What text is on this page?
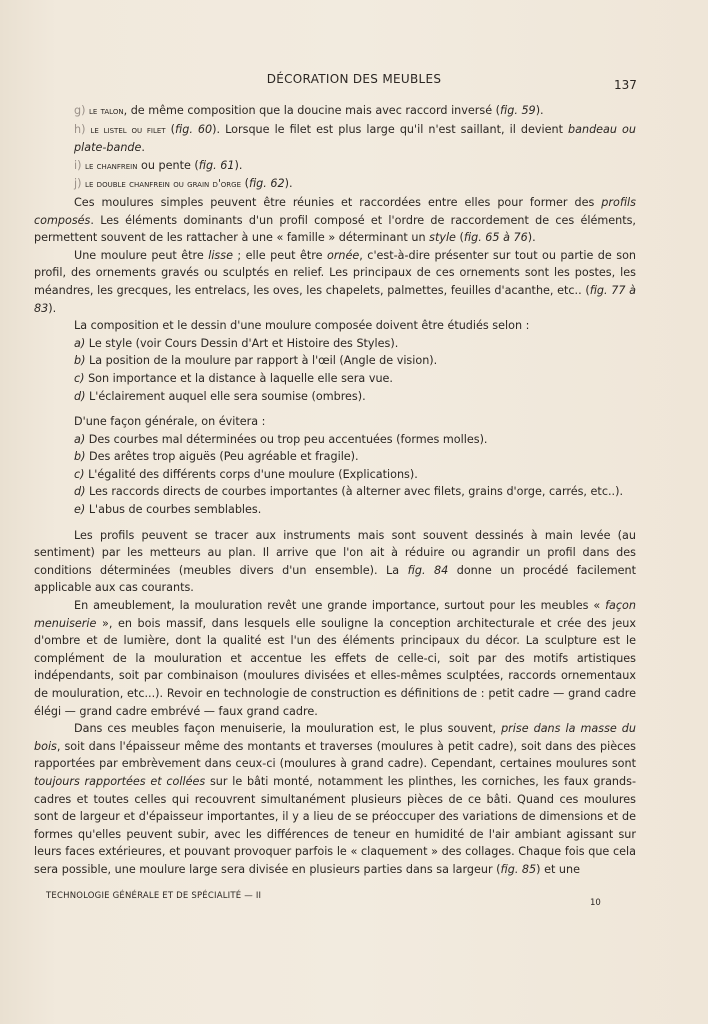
DÉCORATION DES MEUBLES	137

g) le talon, de même composition que la doucine mais avec raccord inversé (fig. 59).

h) le listel ou filet (fig. 60). Lorsque le filet est plus large qu'il n'est saillant, il devient bandeau ou plate-bande.

i) le chanfrein ou pente (fig. 61).

j) le double chanfrein ou grain d'orge (fig. 62).

Ces moulures simples peuvent être réunies et raccordées entre elles pour former des profils composés. Les éléments dominants d'un profil composé et l'ordre de raccordement de ces éléments, permettent souvent de les rattacher à une « famille » déterminant un style (fig. 65 à 76).

Une moulure peut être lisse ; elle peut être ornée, c'est-à-dire présenter sur tout ou partie de son profil, des ornements gravés ou sculptés en relief. Les principaux de ces ornements sont les postes, les méandres, les grecques, les entrelacs, les oves, les chapelets, palmettes, feuilles d'acanthe, etc.. (fig. 77 à 83).

La composition et le dessin d'une moulure composée doivent être étudiés selon :

a) Le style (voir Cours Dessin d'Art et Histoire des Styles).

b) La position de la moulure par rapport à l'œil (Angle de vision).

c) Son importance et la distance à laquelle elle sera vue.

d) L'éclairement auquel elle sera soumise (ombres).

D'une façon générale, on évitera :

a) Des courbes mal déterminées ou trop peu accentuées (formes molles).

b) Des arêtes trop aiguës (Peu agréable et fragile).

c) L'égalité des différents corps d'une moulure (Explications).

d) Les raccords directs de courbes importantes (à alterner avec filets, grains d'orge, carrés, etc..).

e) L'abus de courbes semblables.

Les profils peuvent se tracer aux instruments mais sont souvent dessinés à main levée (au sentiment) par les metteurs au plan. Il arrive que l'on ait à réduire ou agrandir un profil dans des conditions déterminées (meubles divers d'un ensemble). La fig. 84 donne un procédé facilement applicable aux cas courants.

En ameublement, la mouluration revêt une grande importance, surtout pour les meubles « façon menuiserie », en bois massif, dans lesquels elle souligne la conception architecturale et crée des jeux d'ombre et de lumière, dont la qualité est l'un des éléments principaux du décor. La sculpture est le complément de la mouluration et accentue les effets de celle-ci, soit par des motifs artistiques indépendants, soit par combinaison (moulures divisées et elles-mêmes sculptées, raccords ornementaux de mouluration, etc...). Revoir en technologie de construction es définitions de : petit cadre — grand cadre élégi — grand cadre embrévé — faux grand cadre.

Dans ces meubles façon menuiserie, la mouluration est, le plus souvent, prise dans la masse du bois, soit dans l'épaisseur même des montants et traverses (moulures à petit cadre), soit dans des pièces rapportées par embrèvement dans ceux-ci (moulures à grand cadre). Cependant, certaines moulures sont toujours rapportées et collées sur le bâti monté, notamment les plinthes, les corniches, les faux grands-cadres et toutes celles qui recouvrent simultanément plusieurs pièces de ce bâti. Quand ces moulures sont de largeur et d'épaisseur importantes, il y a lieu de se préoccuper des variations de dimensions et de formes qu'elles peuvent subir, avec les différences de teneur en humidité de l'air ambiant agissant sur leurs faces extérieures, et pouvant provoquer parfois le « claquement » des collages. Chaque fois que cela sera possible, une moulure large sera divisée en plusieurs parties dans sa largeur (fig. 85) et une

TECHNOLOGIE GÉNÉRALE ET DE SPÉCIALITÉ — II
10
